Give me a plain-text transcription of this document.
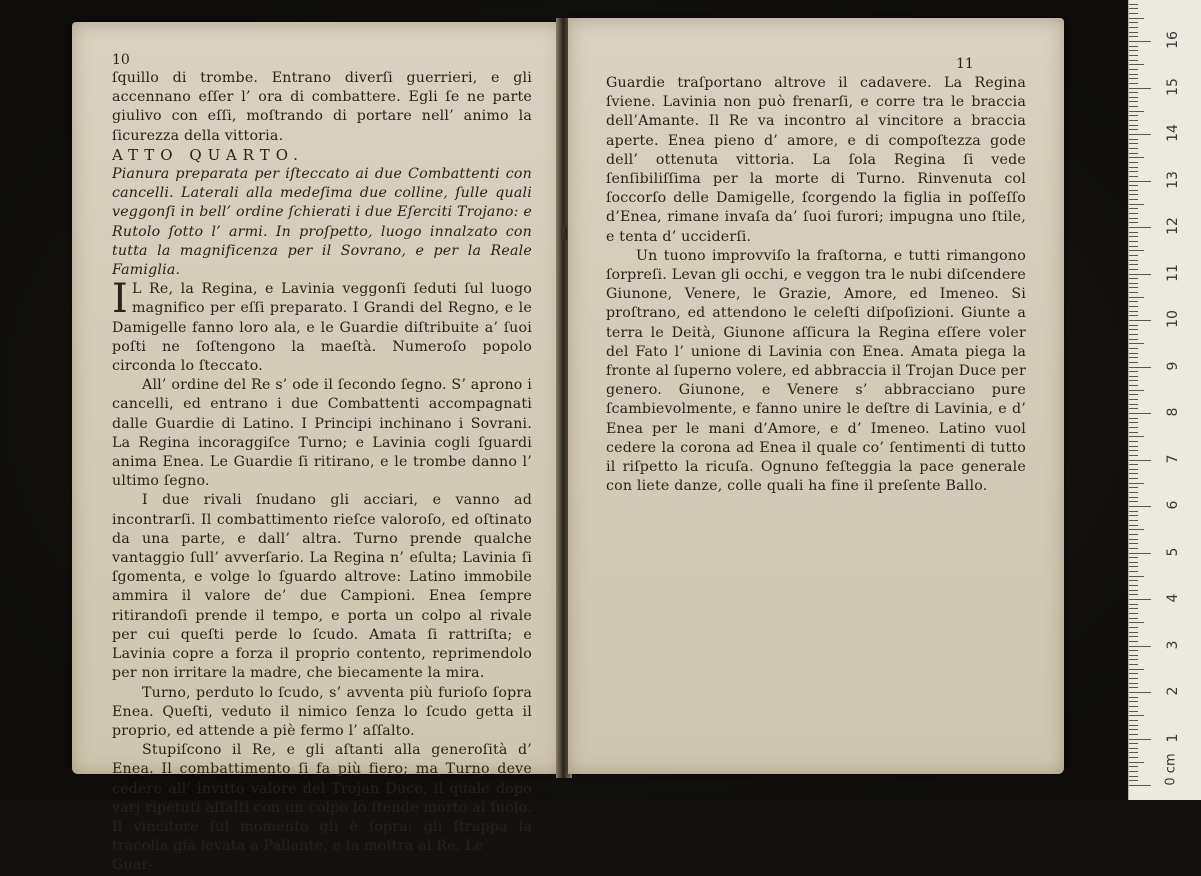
10

ſquillo di trombe. Entrano diverſi guerrieri, e gli accennano eſſer l’ ora di combattere. Egli ſe ne parte giulivo con eſſi, moſtrando di portare nell’ animo la ſicurezza della vittoria.

ATTO QUARTO.

Pianura preparata per iſteccato ai due Combattenti con cancelli. Laterali alla medeſima due colline, ſulle quali veggonſi in bell’ ordine ſchierati i due Eſerciti Trojano: e Rutolo ſotto l’ armi. In proſpetto, luogo innalzato con tutta la magnificenza per il Sovrano, e per la Reale Famiglia.

I L Re, la Regina, e Lavinia veggonſi ſeduti ſul luogo magnifico per eſſi preparato. I Grandi del Regno, e le Damigelle fanno loro ala, e le Guardie diſtribuite a’ ſuoi poſti ne ſoſtengono la maeſtà. Numeroſo popolo circonda lo ſteccato.

All’ ordine del Re s’ ode il ſecondo ſegno. S’ aprono i cancelli, ed entrano i due Combattenti accompagnati dalle Guardie di Latino. I Principi inchinano i Sovrani. La Regina incoraggiſce Turno; e Lavinia cogli ſguardi anima Enea. Le Guardie ſi ritirano, e le trombe danno l’ ultimo ſegno.

I due rivali ſnudano gli acciari, e vanno ad incontrarſi. Il combattimento rieſce valoroſo, ed oſtinato da una parte, e dall’ altra. Turno prende qualche vantaggio ſull’ avverſario. La Regina n’ eſulta; Lavinia ſi ſgomenta, e volge lo ſguardo altrove: Latino immobile ammira il valore de’ due Campioni. Enea ſempre ritirandoſi prende il tempo, e porta un colpo al rivale per cui queſti perde lo ſcudo. Amata ſi rattriſta; e Lavinia copre a forza il proprio contento, reprimendolo per non irritare la madre, che biecamente la mira.

Turno, perduto lo ſcudo, s’ avventa più furioſo ſopra Enea. Queſti, veduto il nimico ſenza lo ſcudo getta il proprio, ed attende a piè fermo l’ aſſalto.

Stupiſcono il Re, e gli aſtanti alla generoſità d’ Enea. Il combattimento ſi fa più fiero; ma Turno deve cedere all’ invitto valore del Trojan Duce, il quale dopo varj ripetuti aſſalti con un colpo lo ſtende morto al ſuolo. Il vincitore ſul momento gli è ſopra; gli ſtrappa la tracolla già levata a Pallante, e la moſtra al Re. Le

Guar-

11

Guardie traſportano altrove il cadavere. La Regina ſviene. Lavinia non può frenarſi, e corre tra le braccia dell’Amante. Il Re va incontro al vincitore a braccia aperte. Enea pieno d’ amore, e di compoſtezza gode dell’ ottenuta vittoria. La ſola Regina ſi vede ſenſibiliſſima per la morte di Turno. Rinvenuta col ſoccorſo delle Damigelle, ſcorgendo la figlia in poſſeſſo d’Enea, rimane invaſa da’ ſuoi furori; impugna uno ſtile, e tenta d’ ucciderſi.

Un tuono improvviſo la fraſtorna, e tutti rimangono ſorpreſi. Levan gli occhi, e veggon tra le nubi diſcendere Giunone, Venere, le Grazie, Amore, ed Imeneo. Si proſtrano, ed attendono le celeſti diſpoſizioni. Giunte a terra le Deità, Giunone aſſicura la Regina eſſere voler del Fato l’ unione di Lavinia con Enea. Amata piega la fronte al ſuperno volere, ed abbraccia il Trojan Duce per genero. Giunone, e Venere s’ abbracciano pure ſcambievolmente, e fanno unire le deſtre di Lavinia, e d’ Enea per le mani d’Amore, e d’ Imeneo. Latino vuol cedere la corona ad Enea il quale co’ ſentimenti di tutto il riſpetto la ricuſa. Ognuno feſteggia la pace generale con liete danze, colle quali ha fine il preſente Ballo.

1
2
3
4
5
6
7
8
9
10
11
12
13
14
15
16
0 cm
